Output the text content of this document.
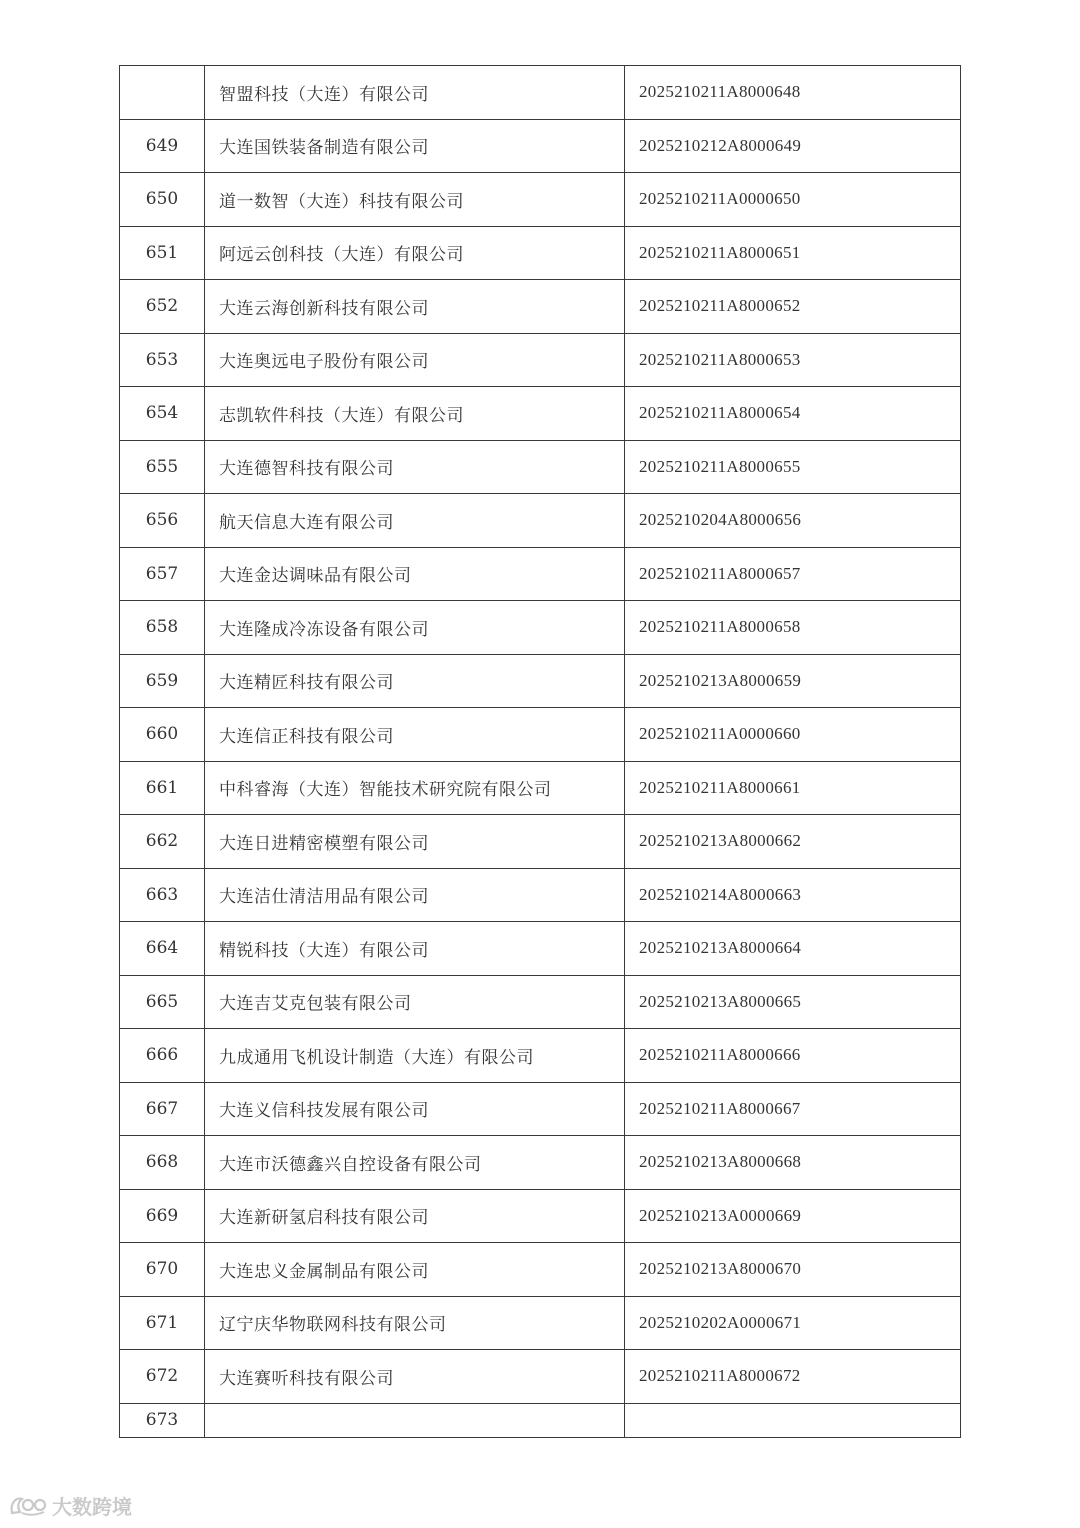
	智盟科技（大连）有限公司	2025210211A8000648
649	大连国铁装备制造有限公司	2025210212A8000649
650	道一数智（大连）科技有限公司	2025210211A0000650
651	阿远云创科技（大连）有限公司	2025210211A8000651
652	大连云海创新科技有限公司	2025210211A8000652
653	大连奥远电子股份有限公司	2025210211A8000653
654	志凯软件科技（大连）有限公司	2025210211A8000654
655	大连德智科技有限公司	2025210211A8000655
656	航天信息大连有限公司	2025210204A8000656
657	大连金达调味品有限公司	2025210211A8000657
658	大连隆成冷冻设备有限公司	2025210211A8000658
659	大连精匠科技有限公司	2025210213A8000659
660	大连信正科技有限公司	2025210211A0000660
661	中科睿海（大连）智能技术研究院有限公司	2025210211A8000661
662	大连日进精密模塑有限公司	2025210213A8000662
663	大连洁仕清洁用品有限公司	2025210214A8000663
664	精锐科技（大连）有限公司	2025210213A8000664
665	大连吉艾克包装有限公司	2025210213A8000665
666	九成通用飞机设计制造（大连）有限公司	2025210211A8000666
667	大连义信科技发展有限公司	2025210211A8000667
668	大连市沃德鑫兴自控设备有限公司	2025210213A8000668
669	大连新研氢启科技有限公司	2025210213A0000669
670	大连忠义金属制品有限公司	2025210213A8000670
671	辽宁庆华物联网科技有限公司	2025210202A0000671
672	大连赛听科技有限公司	2025210211A8000672
673		
大数跨境
